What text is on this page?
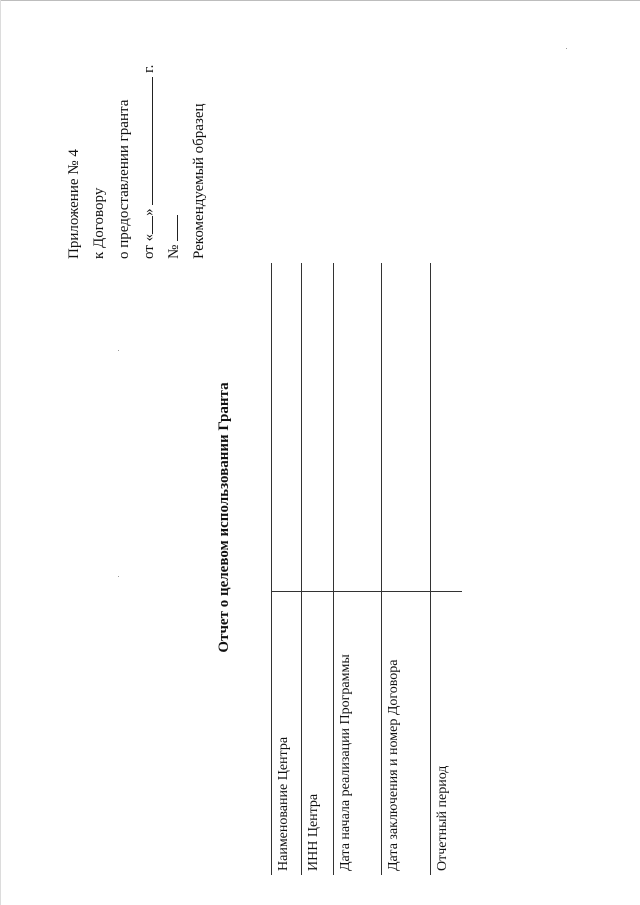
Приложение № 4 к Договору о предоставлении гранта от «»  г.
№ Рекомендуемый образец
Отчет о целевом использовании Гранта
Наименование Центра	
ИНН Центра	
Дата начала реализации Программы	
Дата заключения и номер Договора	
Отчетный период	
